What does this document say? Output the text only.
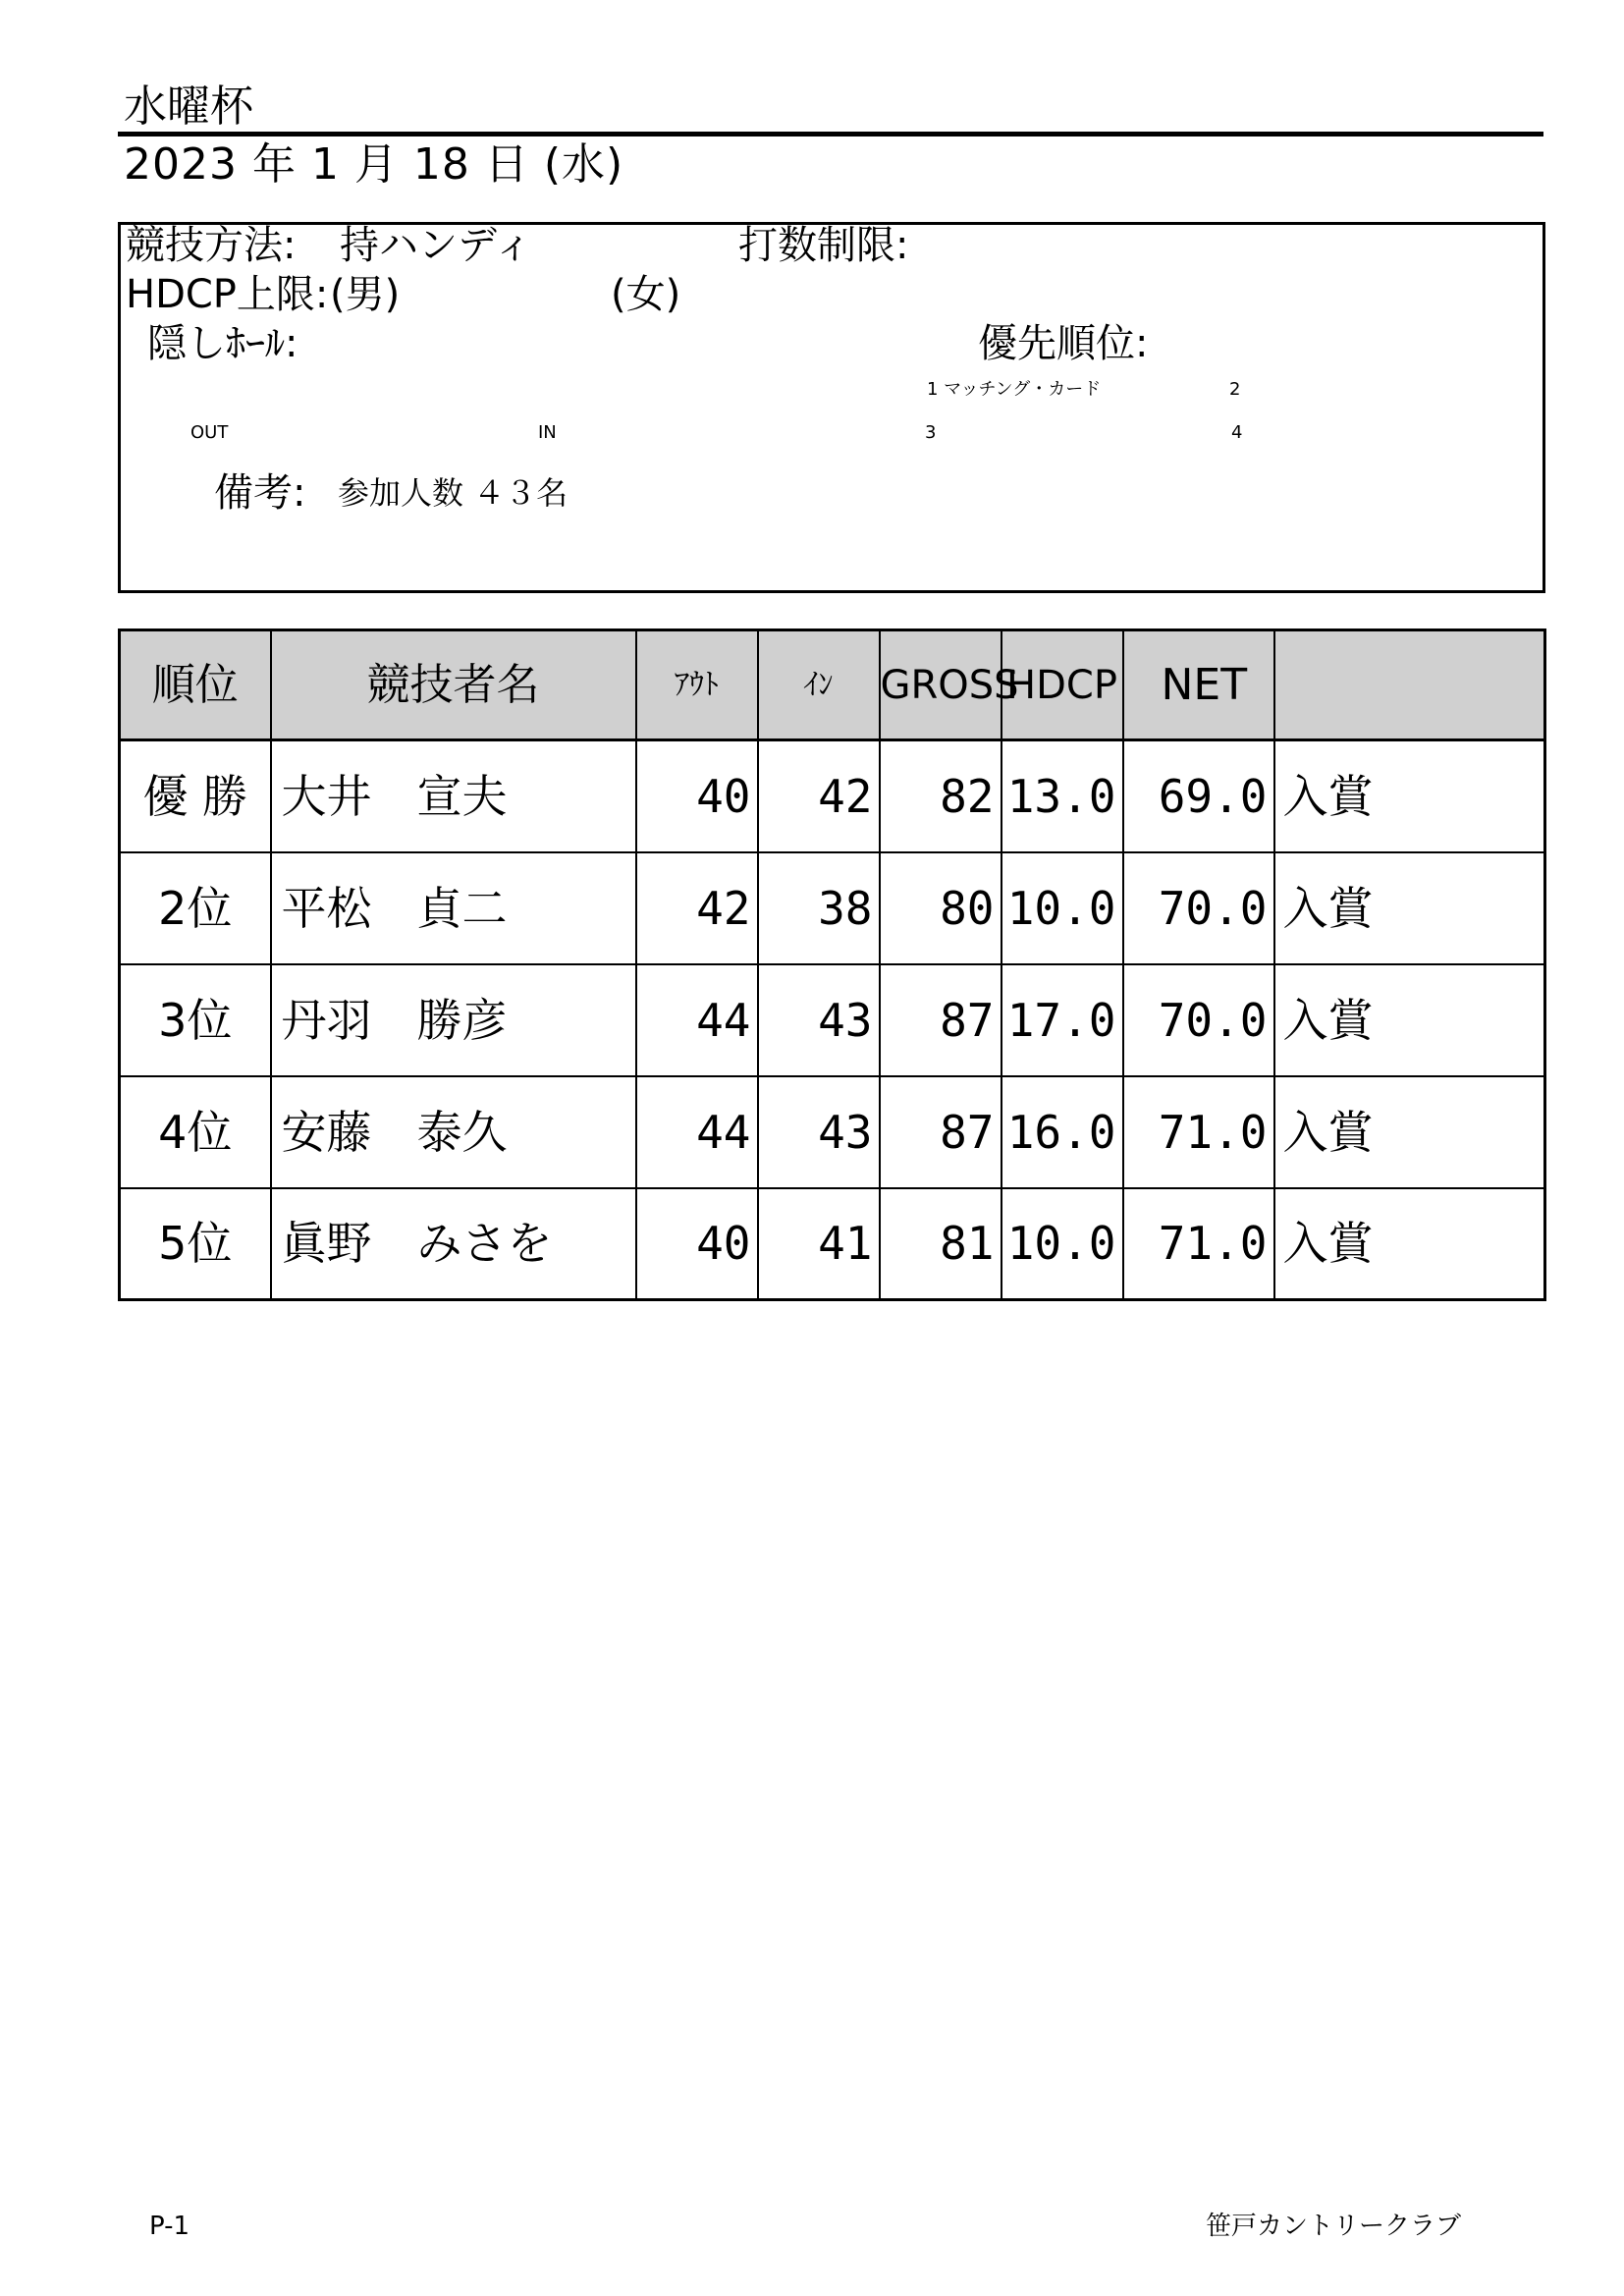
水曜杯
2023 年 1 月 18 日 (水)
競技方法: 持ハンディ	打数制限:
HDCP上限: (男)	(女)
隠しﾎｰﾙ:	優先順位:
1 マッチング・カード	2
OUT	IN	3	4
備考: 参加人数 ４３名
順位	競技者名	ｱｳﾄ	ｲﾝ	GROSS	HDCP	NET	
優 勝	大井　宣夫	40	42	82	13.0	69.0	入賞
2位	平松　貞二	42	38	80	10.0	70.0	入賞
3位	丹羽　勝彦	44	43	87	17.0	70.0	入賞
4位	安藤　泰久	44	43	87	16.0	71.0	入賞
5位	眞野　みさを	40	41	81	10.0	71.0	入賞
P-1	笹戸カントリークラブ
